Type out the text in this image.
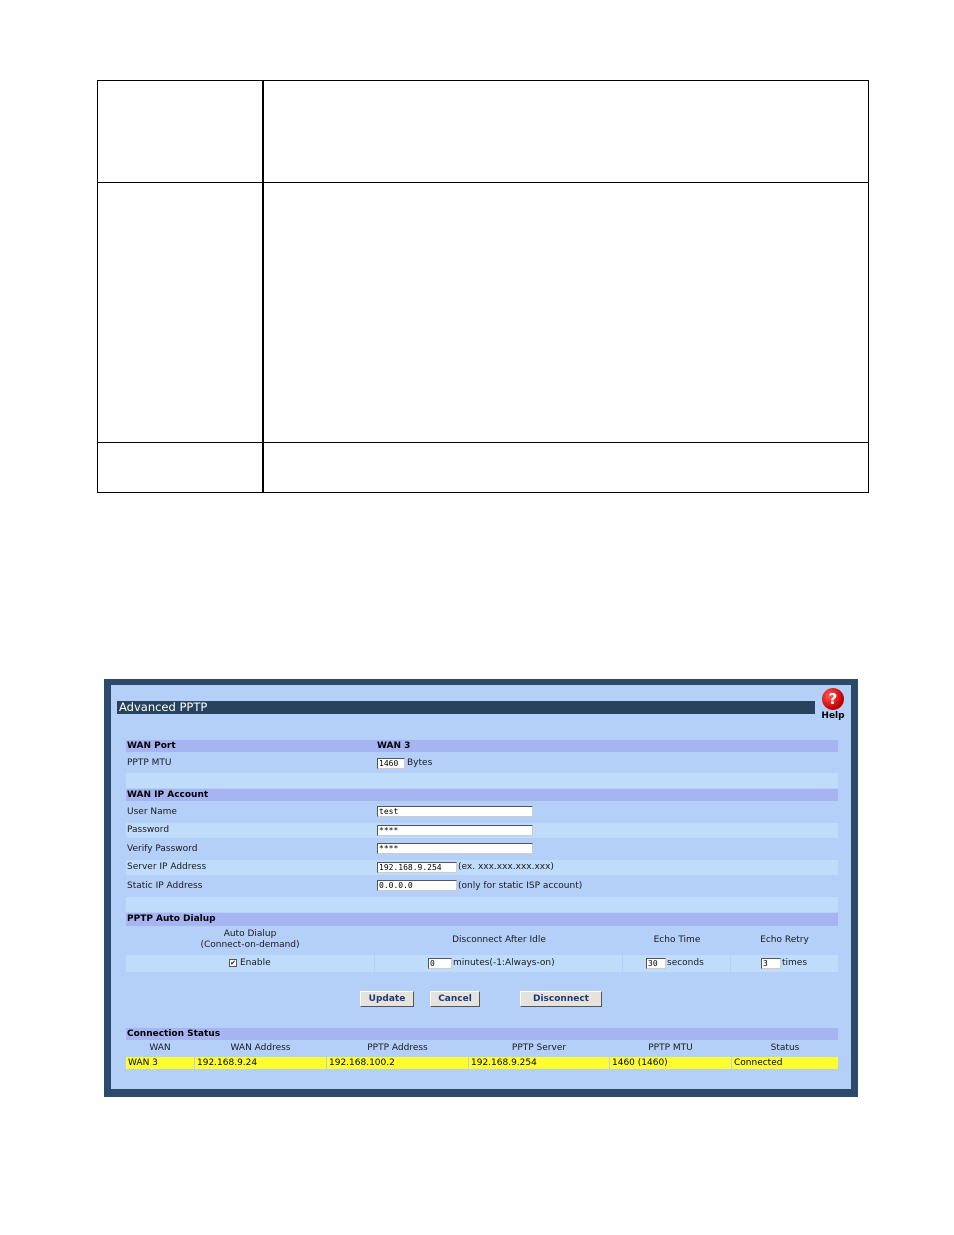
Advanced PPTP	?
Help
WAN Port	WAN 3
PPTP MTU	1460 Bytes
WAN IP Account
User Name	test
Password	****
Verify Password	****
Server IP Address	192.168.9.254	(ex. xxx.xxx.xxx.xxx)
Static IP Address	0.0.0.0	(only for static ISP account)
PPTP Auto Dialup
Auto Dialup
(Connect-on-demand)	Disconnect After Idle	Echo Time	Echo Retry
✔ Enable	0	minutes(-1:Always-on)	30	seconds	3	times
Update	Cancel	Disconnect
Connection Status
WAN	WAN Address	PPTP Address	PPTP Server	PPTP MTU	Status
WAN 3	192.168.9.24	192.168.100.2	192.168.9.254	1460 (1460)	Connected
